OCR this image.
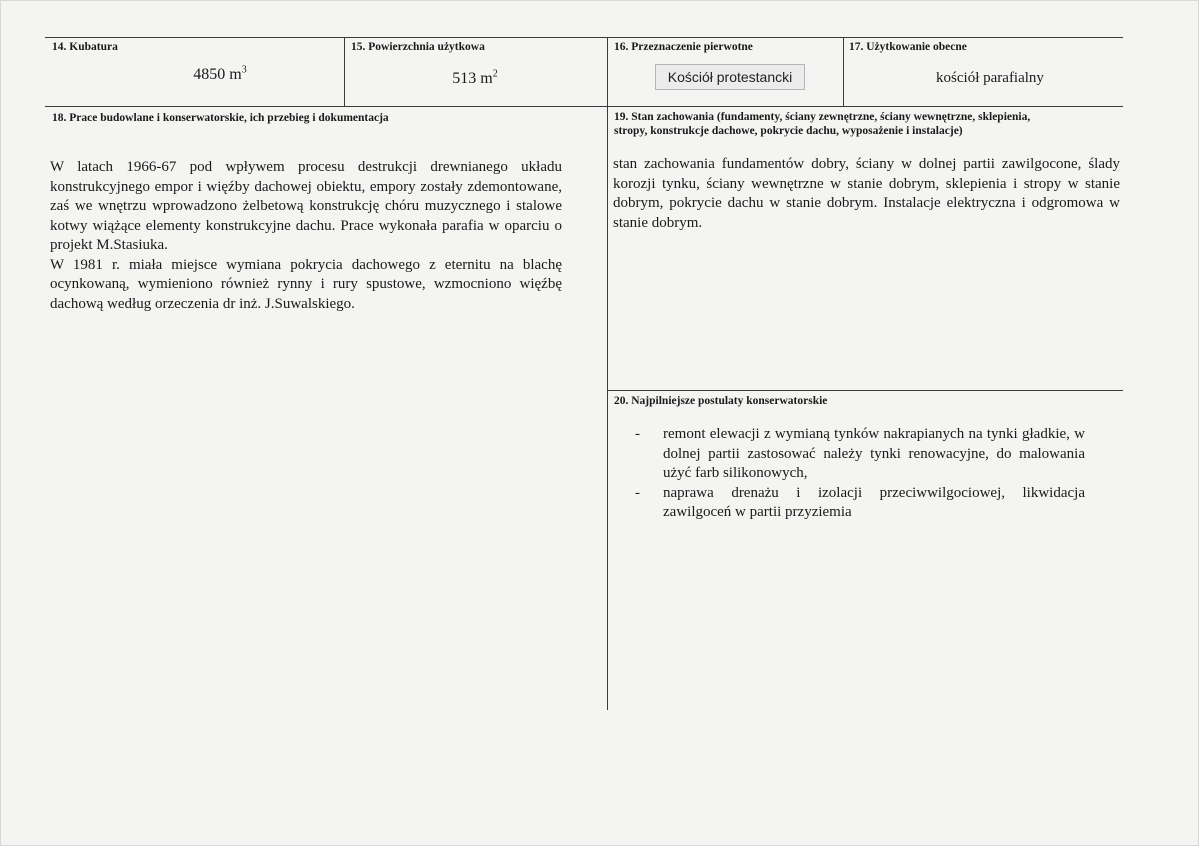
14. Kubatura
4850 $m^3$
15. Powierzchnia użytkowa
513 $m^2$
16. Przeznaczenie pierwotne
Kościół protestancki
17. Użytkowanie obecne
kościół parafialny
18. Prace budowlane i konserwatorskie, ich przebieg i dokumentacja

W latach 1966-67 pod wpływem procesu destrukcji drewnianego układu konstrukcyjnego empor i więźby dachowej obiektu, empory zostały zdemontowane, zaś we wnętrzu wprowadzono żelbetową konstrukcję chóru muzycznego i stalowe kotwy wiążące elementy konstrukcyjne dachu. Prace wykonała parafia w oparciu o projekt M.Stasiuka.

W 1981 r. miała miejsce wymiana pokrycia dachowego z eternitu na blachę ocynkowaną, wymieniono również rynny i rury spustowe, wzmocniono więźbę dachową według orzeczenia dr inż. J.Suwalskiego.

19. Stan zachowania (fundamenty, ściany zewnętrzne, ściany wewnętrzne, sklepienia,
stropy, konstrukcje dachowe, pokrycie dachu, wyposażenie i instalacje)
stan zachowania fundamentów dobry, ściany w dolnej partii zawilgocone, ślady korozji tynku, ściany wewnętrzne w stanie dobrym, sklepienia i stropy w stanie dobrym, pokrycie dachu w stanie dobrym. Instalacje elektryczna i odgromowa w stanie dobrym.
20. Najpilniejsze postulaty konserwatorskie
- remont elewacji z wymianą tynków nakrapianych na tynki gładkie, w dolnej partii zastosować należy tynki renowacyjne, do malowania użyć farb silikonowych,
- naprawa drenażu i izolacji przeciwwilgociowej, likwidacja zawilgoceń w partii przyziemia
